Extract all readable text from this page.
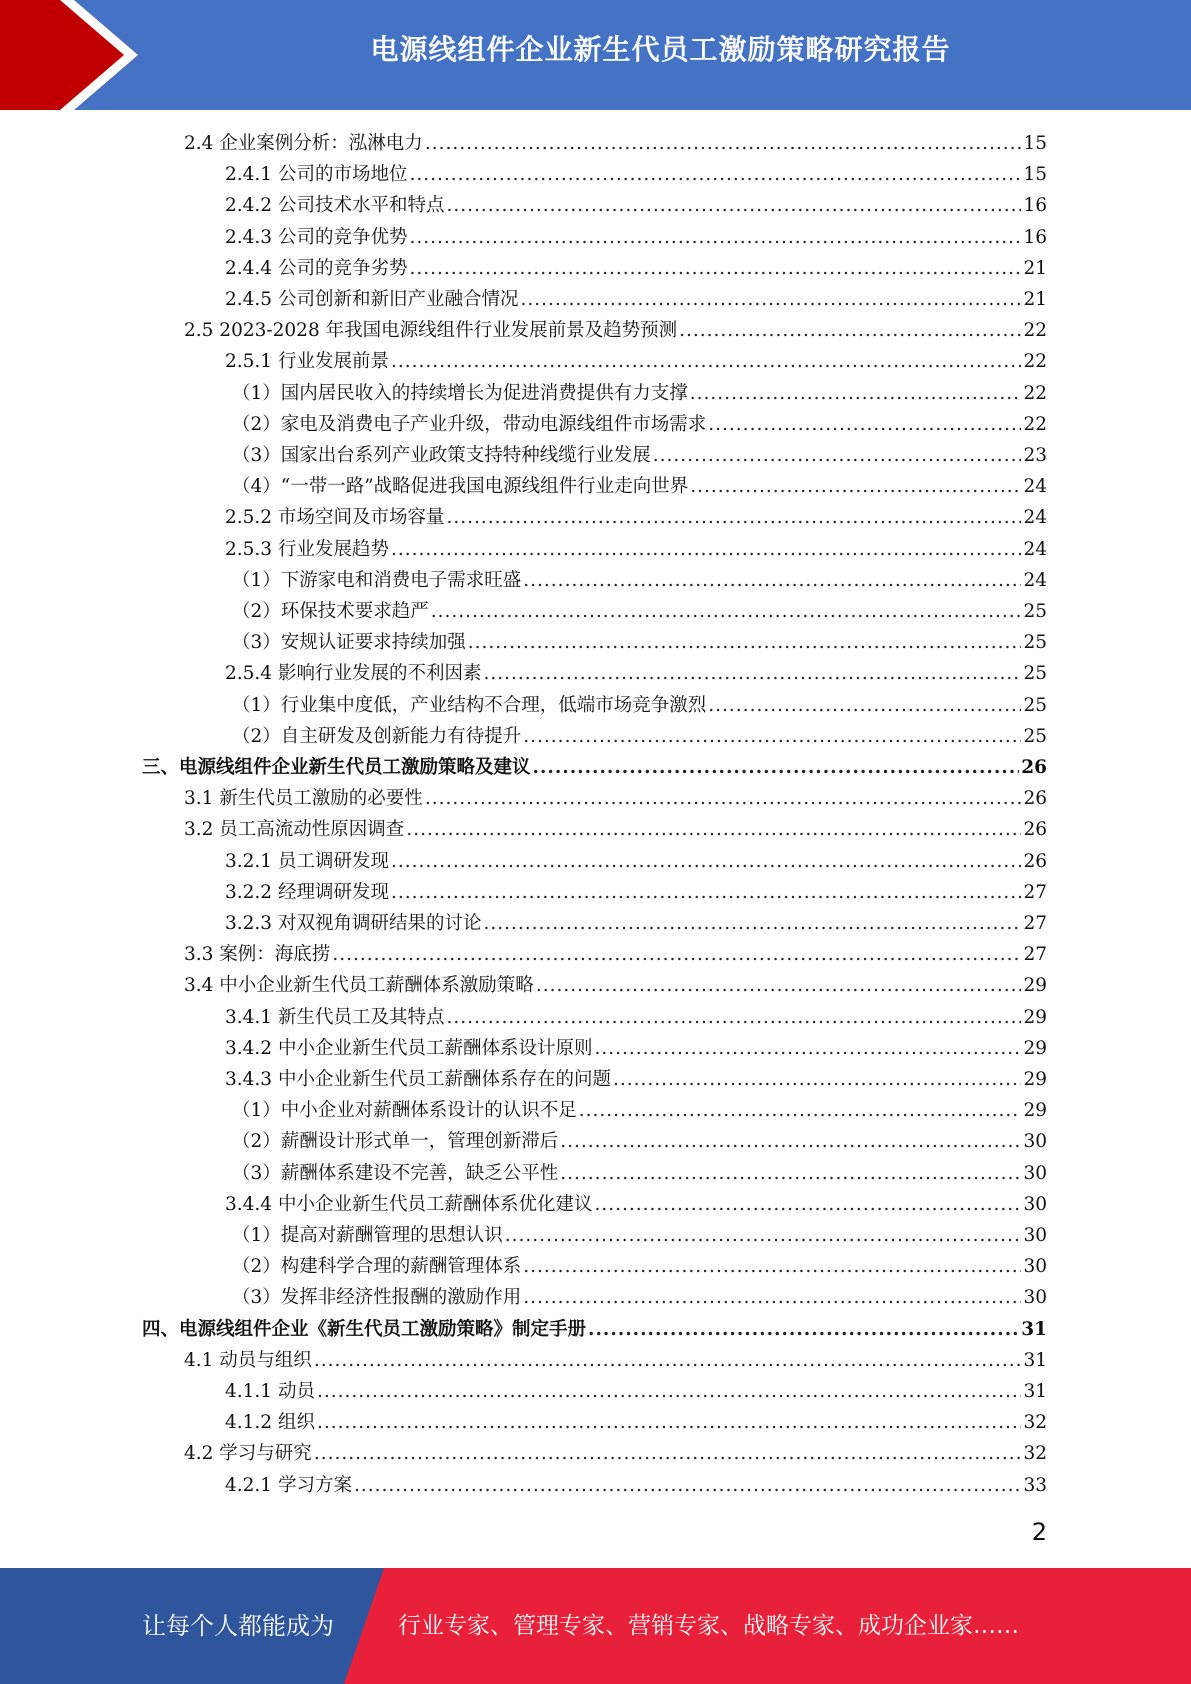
电源线组件企业新生代员工激励策略研究报告
2.4 企业案例分析：泓淋电力 .....	15
2.4.1 公司的市场地位 .....	15
2.4.2 公司技术水平和特点 .....	16
2.4.3 公司的竞争优势 .....	16
2.4.4 公司的竞争劣势 .....	21
2.4.5 公司创新和新旧产业融合情况 .....	21
2.5 2023-2028 年我国电源线组件行业发展前景及趋势预测 .....	22
2.5.1 行业发展前景 .....	22
（1）国内居民收入的持续增长为促进消费提供有力支撑 .....	22
（2）家电及消费电子产业升级，带动电源线组件市场需求 .....	22
（3）国家出台系列产业政策支持特种线缆行业发展 .....	23
（4）“一带一路”战略促进我国电源线组件行业走向世界 .....	24
2.5.2 市场空间及市场容量 .....	24
2.5.3 行业发展趋势 .....	24
（1）下游家电和消费电子需求旺盛 .....	24
（2）环保技术要求趋严 .....	25
（3）安规认证要求持续加强 .....	25
2.5.4 影响行业发展的不利因素 .....	25
（1）行业集中度低，产业结构不合理，低端市场竞争激烈 .....	25
（2）自主研发及创新能力有待提升 .....	25
三、电源线组件企业新生代员工激励策略及建议 .....	26
3.1 新生代员工激励的必要性 .....	26
3.2 员工高流动性原因调查 .....	26
3.2.1 员工调研发现 .....	26
3.2.2 经理调研发现 .....	27
3.2.3 对双视角调研结果的讨论 .....	27
3.3 案例：海底捞 .....	27
3.4 中小企业新生代员工薪酬体系激励策略 .....	29
3.4.1 新生代员工及其特点 .....	29
3.4.2 中小企业新生代员工薪酬体系设计原则 .....	29
3.4.3 中小企业新生代员工薪酬体系存在的问题 .....	29
（1）中小企业对薪酬体系设计的认识不足 .....	29
（2）薪酬设计形式单一，管理创新滞后 .....	30
（3）薪酬体系建设不完善，缺乏公平性 .....	30
3.4.4 中小企业新生代员工薪酬体系优化建议 .....	30
（1）提高对薪酬管理的思想认识 .....	30
（2）构建科学合理的薪酬管理体系 .....	30
（3）发挥非经济性报酬的激励作用 .....	30
四、电源线组件企业《新生代员工激励策略》制定手册 .....	31
4.1 动员与组织 .....	31
4.1.1 动员 .....	31
4.1.2 组织 .....	32
4.2 学习与研究 .....	32
4.2.1 学习方案 .....	33
2
让每个人都能成为	行业专家、管理专家、营销专家、战略专家、成功企业家……
